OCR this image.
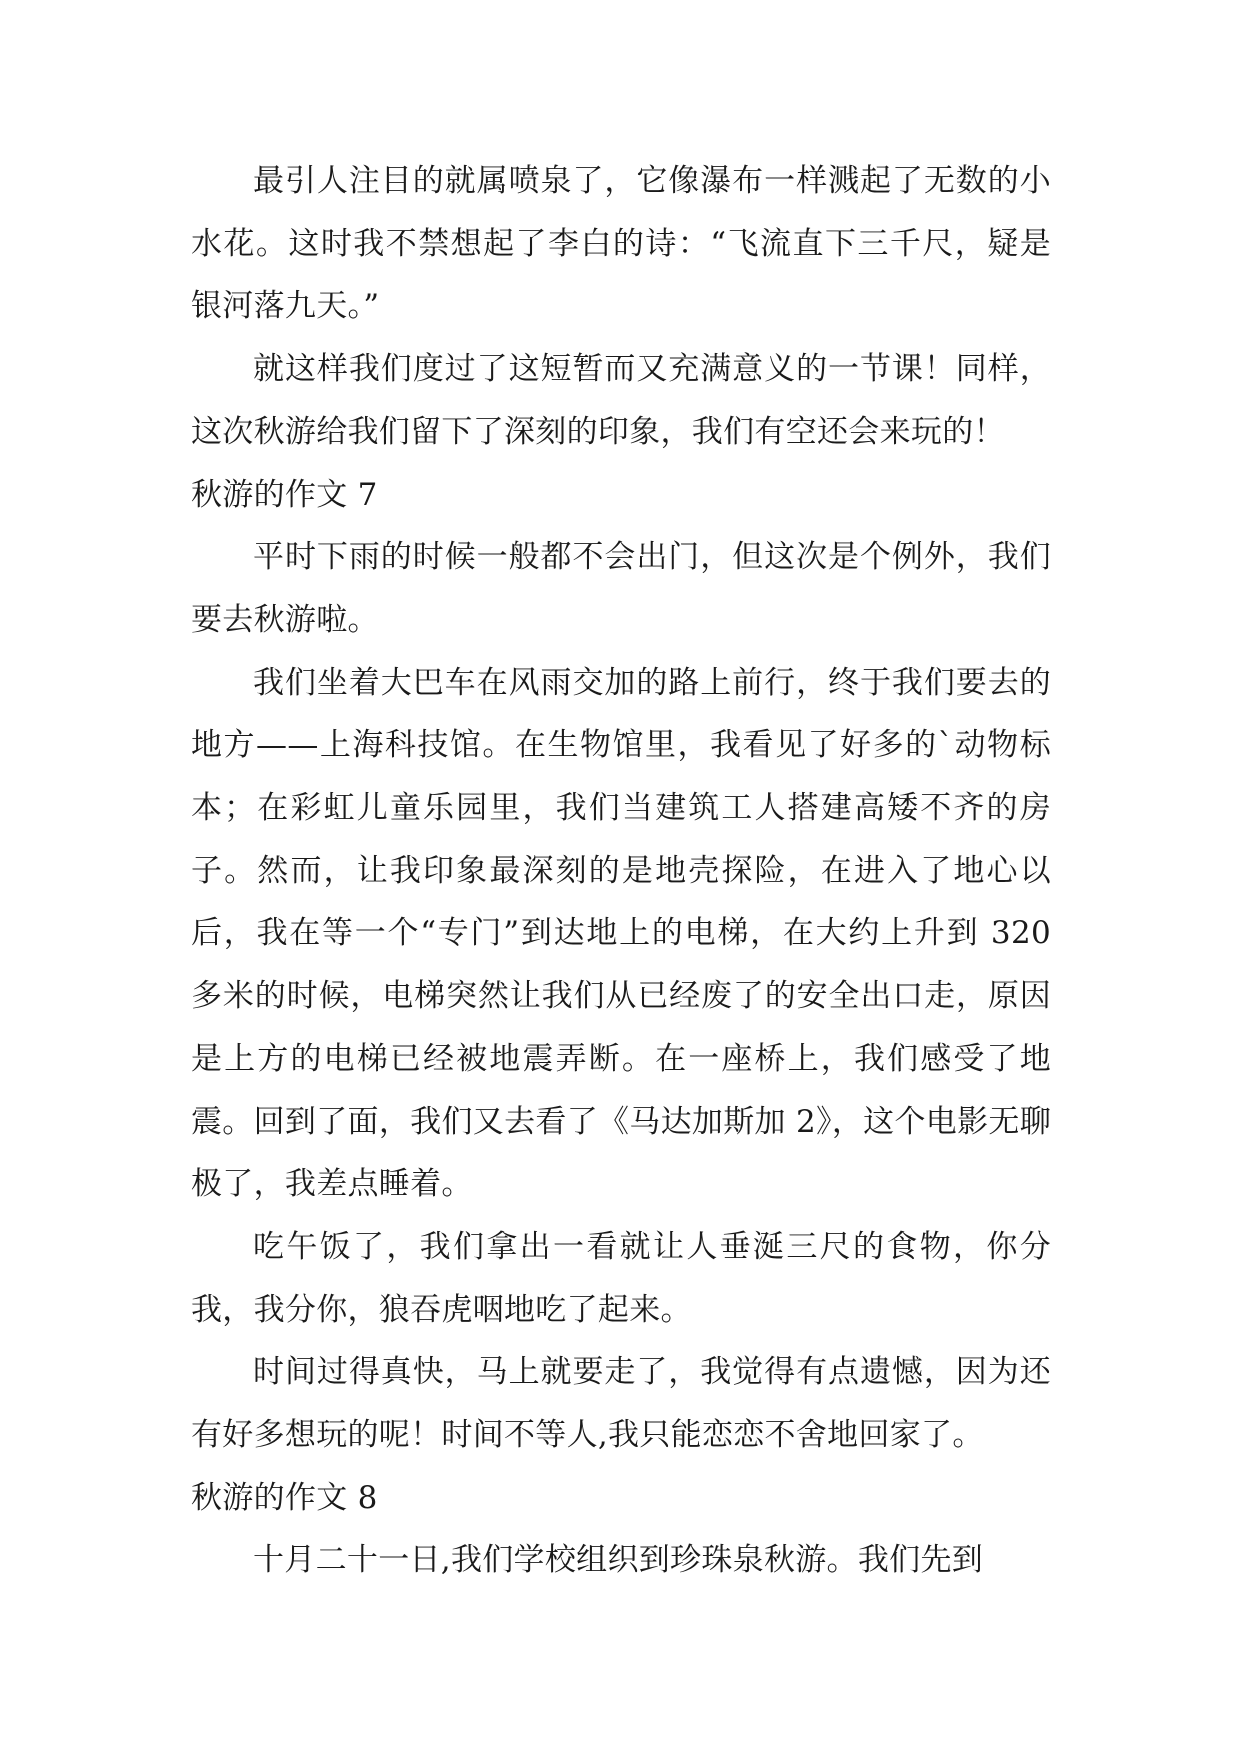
最引人注目的就属喷泉了，它像瀑布一样溅起了无数的小水花。这时我不禁想起了李白的诗：“飞流直下三千尺，疑是银河落九天。”

就这样我们度过了这短暂而又充满意义的一节课！同样，这次秋游给我们留下了深刻的印象，我们有空还会来玩的！

秋游的作文 7

平时下雨的时候一般都不会出门，但这次是个例外，我们要去秋游啦。

我们坐着大巴车在风雨交加的路上前行，终于我们要去的地方——上海科技馆。在生物馆里，我看见了好多的`动物标本；在彩虹儿童乐园里，我们当建筑工人搭建高矮不齐的房子。然而，让我印象最深刻的是地壳探险，在进入了地心以后，我在等一个“专门”到达地上的电梯，在大约上升到 320 多米的时候，电梯突然让我们从已经废了的安全出口走，原因是上方的电梯已经被地震弄断。在一座桥上，我们感受了地震。回到了面，我们又去看了《马达加斯加 2》，这个电影无聊极了，我差点睡着。

吃午饭了，我们拿出一看就让人垂涎三尺的食物，你分我，我分你，狼吞虎咽地吃了起来。

时间过得真快，马上就要走了，我觉得有点遗憾，因为还有好多想玩的呢！时间不等人,我只能恋恋不舍地回家了。

秋游的作文 8

十月二十一日,我们学校组织到珍珠泉秋游。我们先到
